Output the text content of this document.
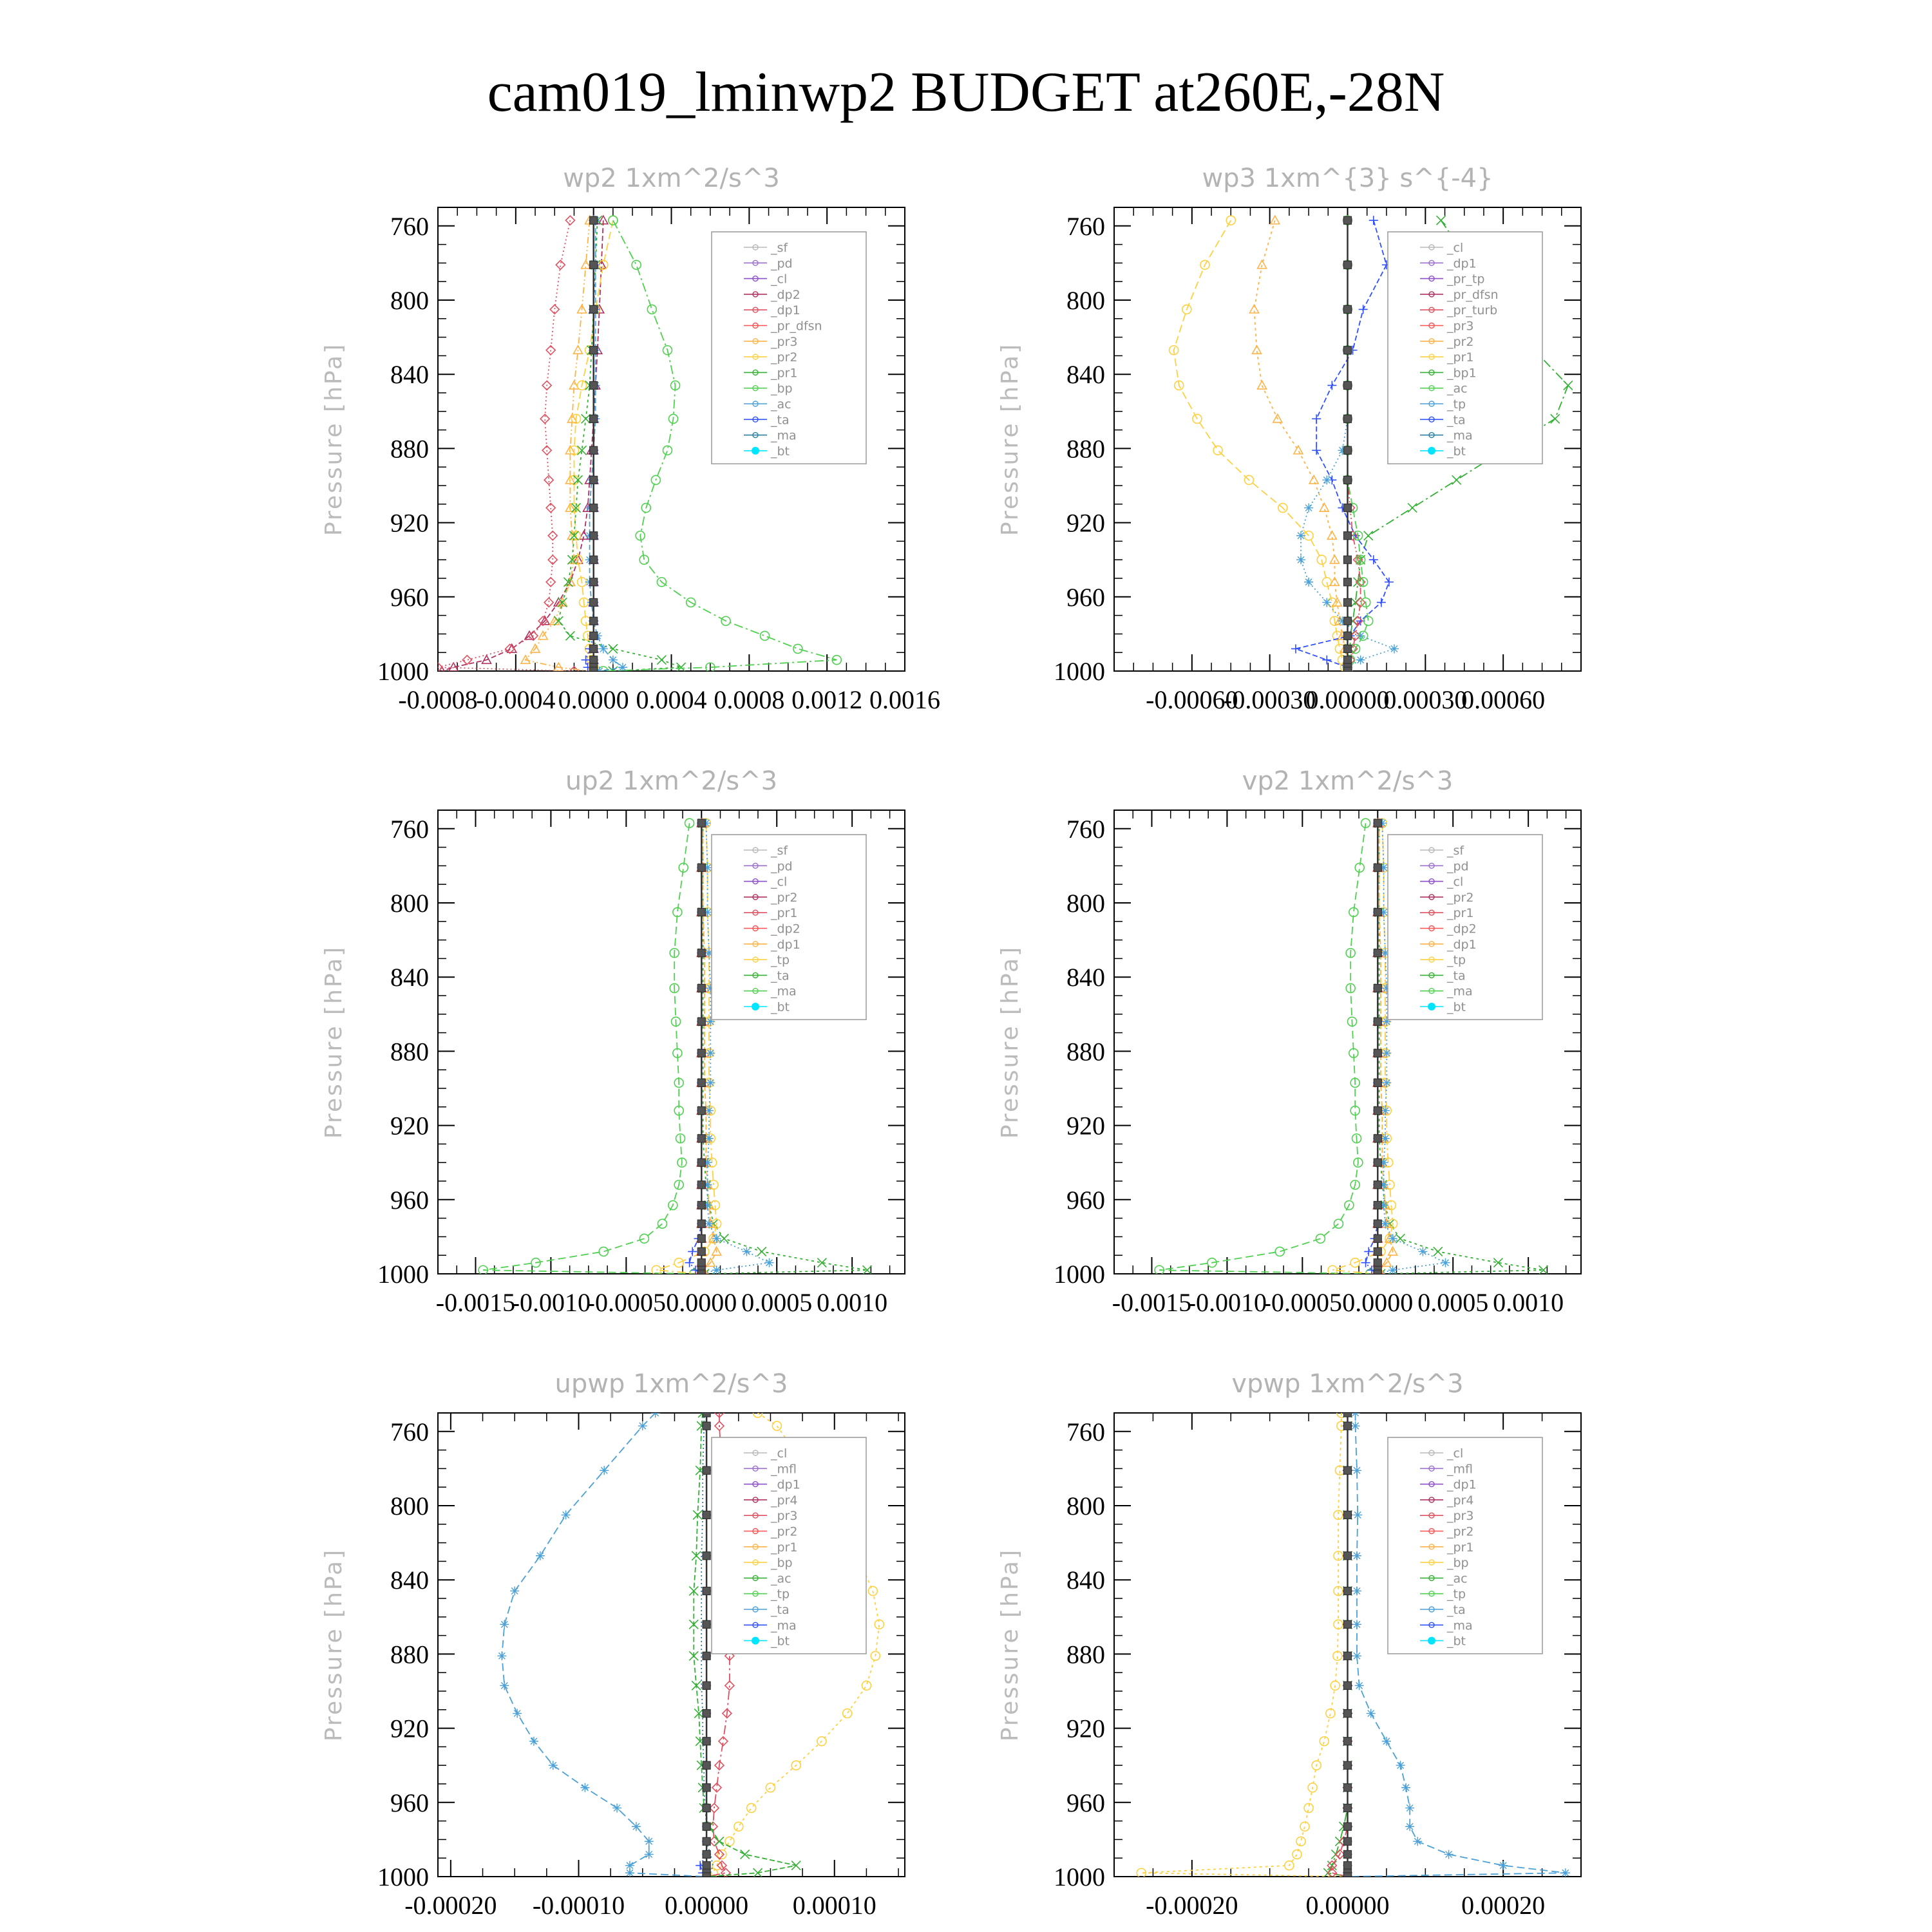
cam019_lminwp2 BUDGET at260E,-28N
wp2 1xm^2/s^3
Pressure [hPa]
760
800
840
880
920
960
1000
-0.0008
-0.0004 0.0000 0.0004 0.0008 0.0012 0.0016
_sf
_pd
_cl
_dp2
_dp1
_pr_dfsn
_pr3
_pr2
_pr1
_bp
_ac
_ta
_ma
_bt
wp3 1xm^{3} s^{-4}
Pressure [hPa]
760
800
840
880
920
960
1000
-0.00060
-0.00030
0.00000
0.00030
0.00060
_cl
_dp1
_pr_tp
_pr_dfsn
_pr_turb
_pr3
_pr2
_pr1
_bp1
_ac
_tp
_ta
_ma
_bt
up2 1xm^2/s^3
Pressure [hPa]
760
800
840
880
920
960
1000
-0.0015
-0.0010
-0.0005 0.0000 0.0005 0.0010
_sf
_pd
_cl
_pr2
_pr1
_dp2
_dp1
_tp
_ta
_ma
_bt
vp2 1xm^2/s^3
Pressure [hPa]
760
800
840
880
920
960
1000
-0.0015
-0.0010
-0.0005 0.0000 0.0005 0.0010
_sf
_pd
_cl
_pr2
_pr1
_dp2
_dp1
_tp
_ta
_ma
_bt
upwp 1xm^2/s^3
Pressure [hPa]
760
800
840
880
920
960
1000
-0.00020 -0.00010 0.00000 0.00010
_cl
_mfl
_dp1
_pr4
_pr3
_pr2
_pr1
_bp
_ac
_tp
_ta
_ma
_bt
vpwp 1xm^2/s^3
Pressure [hPa]
760
800
840
880
920
960
1000
-0.00020	0.00000	0.00020
_cl
_mfl
_dp1
_pr4
_pr3
_pr2
_pr1
_bp
_ac
_tp
_ta
_ma
_bt
